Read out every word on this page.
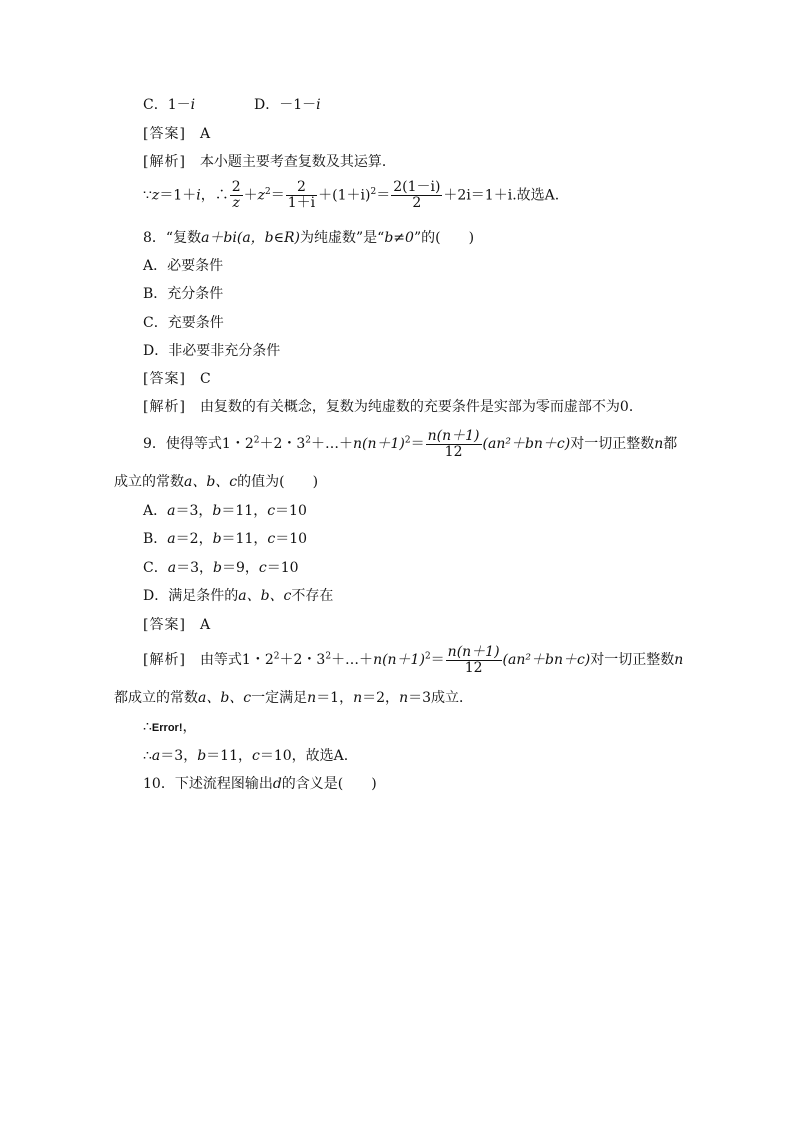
C．1－i	D．－1－i
[答案]　 A
[解析]　 本小题主要考查复数及其运算．
∵z＝1＋i，∴ $\frac{2}{z} +z^2= \frac{2}{1+i} +(1+i)^2= \frac{2(1-i)}{2} +2i=1+i$.故选A.
8．“复数a＋bi(a，b∈R)为纯虚数”是“b≠0”的(　　)
A．必要条件
B．充分条件
C．充要条件
D．非必要非充分条件
[答案]　 C
[解析]　 由复数的有关概念，复数为纯虚数的充要条件是实部为零而虚部不为0．
9．使得等式1・$2^2+2$・$3^2+\dots+n(n+1)^2= \frac{n(n+1)}{12} (an^2+bn+c)$对一切正整数n都
成立的常数a、b、c的值为(　　)
A．a＝3，b＝11，c＝10
B．a＝2，b＝11，c＝10
C．a＝3，b＝9，c＝10
D．满足条件的a、b、c不存在
[答案]　 A
[解析]　 由等式1・$2^2+2$・$3^2+\dots+n(n+1)^2= \frac{n(n+1)}{12} (an^2+bn+c)$对一切正整数n
都成立的常数a、b、c一定满足n＝1，n＝2，n＝3成立．
∴Error!，
∴a＝3，b＝11，c＝10，故选A.
10．下述流程图输出d的含义是(　　)
